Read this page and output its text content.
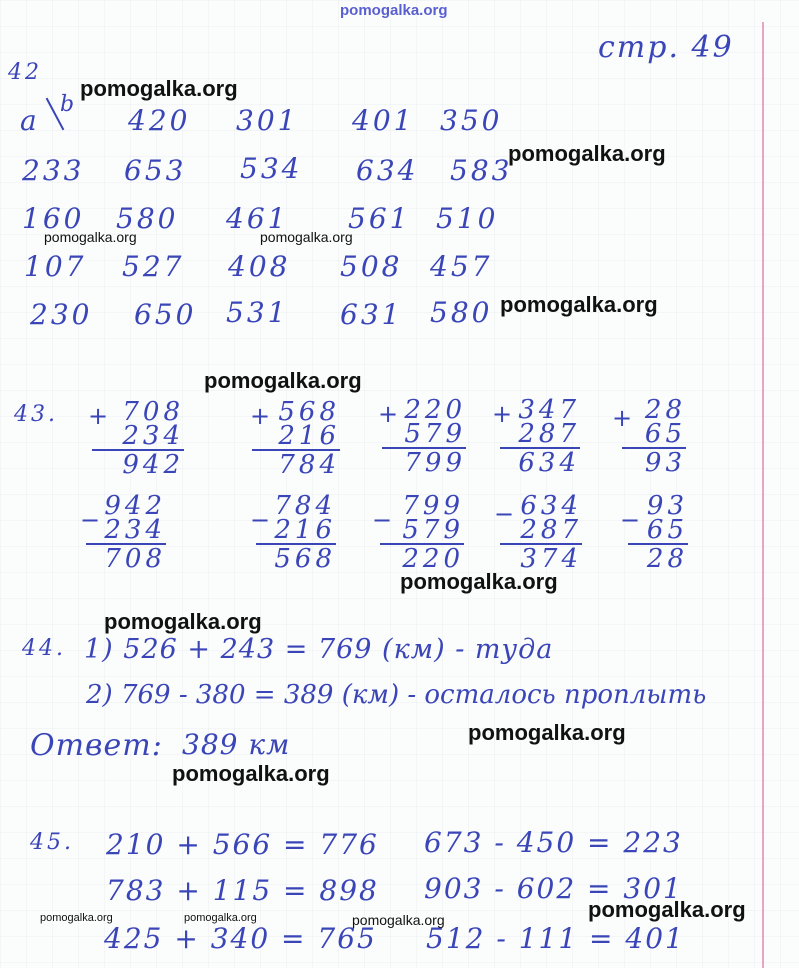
pomogalka.org
стр. 49
42
a b 420 301 401 350
233 653 534 634 583
160 580 461 561 510
107 527 408 508 457
230 650 531 631 580
43. + 708
234
942
+ 568
216
784
+ 220
579
799
+ 347
287
634
+ 28
65
93
− 942
234
708
− 784
216
568
− 799
579
220
− 634
287
374
− 93
65
28
44. 1) 526 + 243 = 769 (км) - туда
2) 769 - 380 = 389 (км) - осталось проплыть
Ответ: 389 км
45. 210 + 566 = 776
783 + 115 = 898
425 + 340 = 765
673 - 450 = 223
903 - 602 = 301
512 - 111 = 401
pomogalka.org
pomogalka.org
pomogalka.org	pomogalka.org
pomogalka.org
pomogalka.org
pomogalka.org
pomogalka.org
pomogalka.org
pomogalka.org
pomogalka.org
pomogalka.org	pomogalka.org	pomogalka.org
